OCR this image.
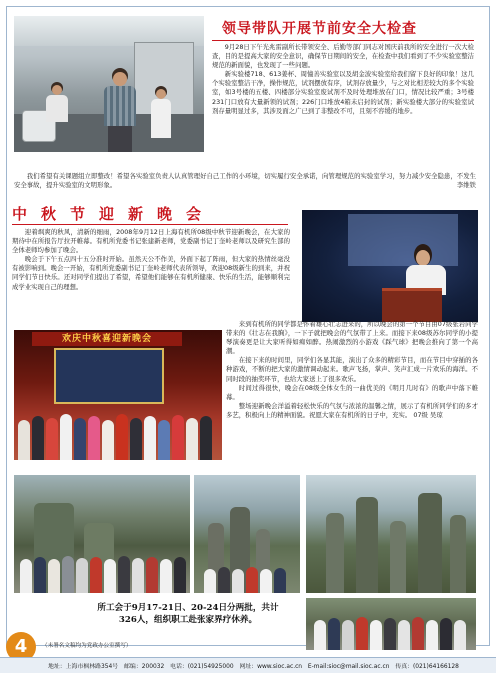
领导带队开展节前安全大检查

9月28日下午光兆雷副所长带领安全、后勤等部门同志对国庆前我所的安全进行一次大检查，目的是提高大家的安全意识，确保节日期间的安全，在检查中我们看到了不少实验室整洁规范的新面貌，也发现了一些问题。

新实验楼718、613姜杯、周憧善实验室以及胡金波实验室给我们留下良好的印象！这几个实验室整洁干净，操作规范，试剂摆放有序，试剂存放量少，与之对比相差较大的多个实验室，如3号楼的五楼、四楼部分实验室废试剂不及时处理堆放在门口，情况比较严重；3号楼231门口放有大量新领的试剂；226门口堆放4箱未启封的试剂；新实验楼大部分的实验室试剂存量明显过多，其涉及面之广已到了非整改不可，且刻不容缓的地步。

我们希望有关课题组立即整改！希望各实验室负责人认真管理好自己工作的小环境，切实履行安全承诺，向管理规范的实验室学习，努力减少安全隐患，不发生安全事故，提升实验室的文明形象。	李维铁

中秋节迎新晚会

迎着飒爽的秋风，清新的细雨，2008年9月12日上海有机所08级中秋节迎新晚会，在大家的期待中在所报告厅拉开帷幕。有机所党委书记张建新老师，党委副书记丁奎岭老师以及研究生部的全体老师均参加了晚会。

晚会于下午五点四十五分准时开始。虽然天公不作美，外面下起了阵雨，但大家的热情丝毫没有被影响到。晚会一开始，有机所党委副书记丁奎岭老师代表所领导，欢迎08级新生的到来，并祝同学们节日快乐。还对同学们提出了希望，希望他们能够在有机所健康、快乐的生活，能够顺利完成学业实现自己的理想。

欢庆中秋喜迎新晚会

来到有机所的同学都是怀着雄心壮志进来的，所以晚会的第一个节目由07级张岩同学带来的《壮志在我胸》，一下子就把晚会的气氛带了上来。而接下来08级苏尔同学的小提琴演奏更是让大家听得如痴如醉。热闹激烈的小游戏《踩气球》把晚会推向了第一个高潮。

在接下来的时间里，同学们各显其能，演出了众多的精彩节目，而在节目中穿插的各种游戏，不断的把大家的激情调动起来。歌声飞扬，掌声、笑声汇成一片欢乐的海洋。不同时段的抽奖环节，也给大家送上了很多欢乐。

时间过得很快，晚会在08级全体女生的一曲优美的《明月几时有》的歌声中落下帷幕。

整场迎新晚会洋溢着轻松快乐的气氛与浓浓的温馨之情，展示了有机所同学们的多才多艺，积极向上的精神面貌。祝愿大家在有机所的日子中，充实。 07级 吴琼

所工会于9月17-21日、20-24日分两批，共计
326人，组织职工赴张家界疗休养。
4	（未署名文稿均为党政办公室撰写）
地址：上海市枫林路354号　邮编：200032　电话：(021)54925000　网址：www.sioc.ac.cn　E-mail:sioc@mail.sioc.ac.cn　传真：(021)64166128
